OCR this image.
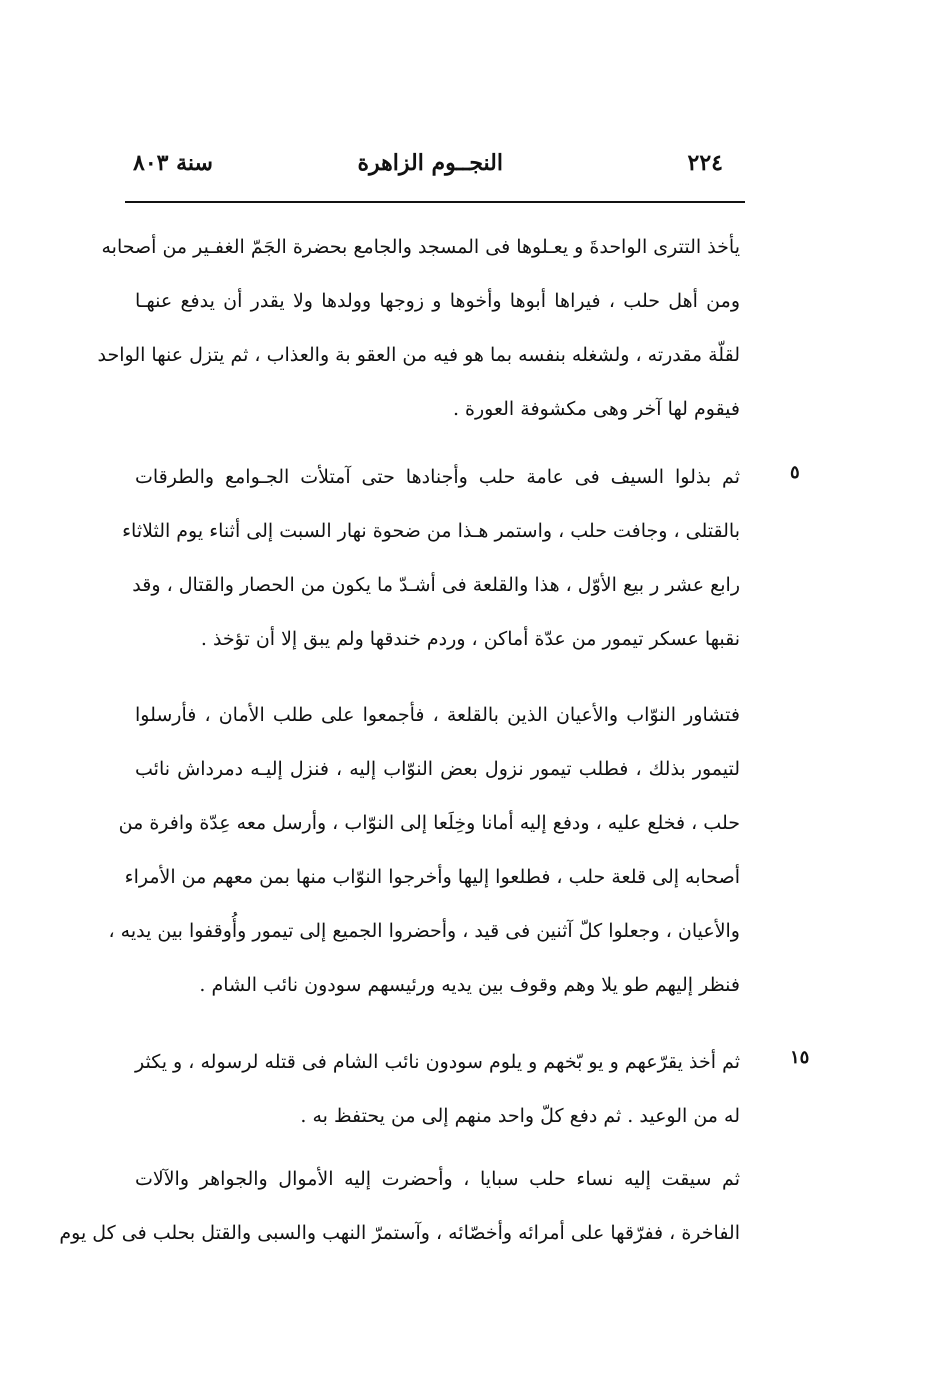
٢٢٤
النجــوم الزاهرة
سنة ٨٠٣
٥
١٥
يأخذ التترى الواحدةَ و يعـلوها فى المسجد والجامع بحضرة الجَمّ الغفـير من أصحابه
ومن أهل حلب ، فيراها أبوها وأخوها و زوجها وولدها ولا يقدر أن يدفع عنهـا
لقلّة مقدرته ، ولشغله بنفسه بما هو فيه من العقو بة والعذاب ، ثم يتزل عنها الواحد
فيقوم لها آخر وهى مكشوفة العورة .
ثم بذلوا السيف فى عامة حلب وأجنادها حتى آمتلأت الجـوامع والطرقات
بالقتلى ، وجافت حلب ، واستمر هـذا من ضحوة نهار السبت إلى أثناء يوم الثلاثاء
رابع عشر ر بيع الأوّل ، هذا والقلعة فى أشـدّ ما يكون من الحصار والقتال ، وقد
نقبها عسكر تيمور من عدّة أماكن ، وردم خندقها ولم يبق إلا أن تؤخذ .
فتشاور النوّاب والأعيان الذين بالقلعة ، فأجمعوا على طلب الأمان ، فأرسلوا
لتيمور بذلك ، فطلب تيمور نزول بعض النوّاب إليه ، فنزل إليـه دمرداش نائب
حلب ، فخلع عليه ، ودفع إليه أمانا وخِلَعا إلى النوّاب ، وأرسل معه عِدّة وافرة من
أصحابه إلى قلعة حلب ، فطلعوا إليها وأخرجوا النوّاب منها بمن معهم من الأمراء
والأعيان ، وجعلوا كلّ آثنين فى قيد ، وأحضروا الجميع إلى تيمور وأُوقفوا بين يديه ،
فنظر إليهم طو يلا وهم وقوف بين يديه ورئيسهم سودون نائب الشام .
ثم أخذ يقرّعهم و يو بّخهم و يلوم سودون نائب الشام فى قتله لرسوله ، و يكثر
له من الوعيد . ثم دفع كلّ واحد منهم إلى من يحتفظ به .
ثم سيقت إليه نساء حلب سبايا ، وأحضرت إليه الأموال والجواهر والآلات
الفاخرة ، ففرّقها على أمرائه وأخصّائه ، وآستمرّ النهب والسبى والقتل بحلب فى كل يوم
